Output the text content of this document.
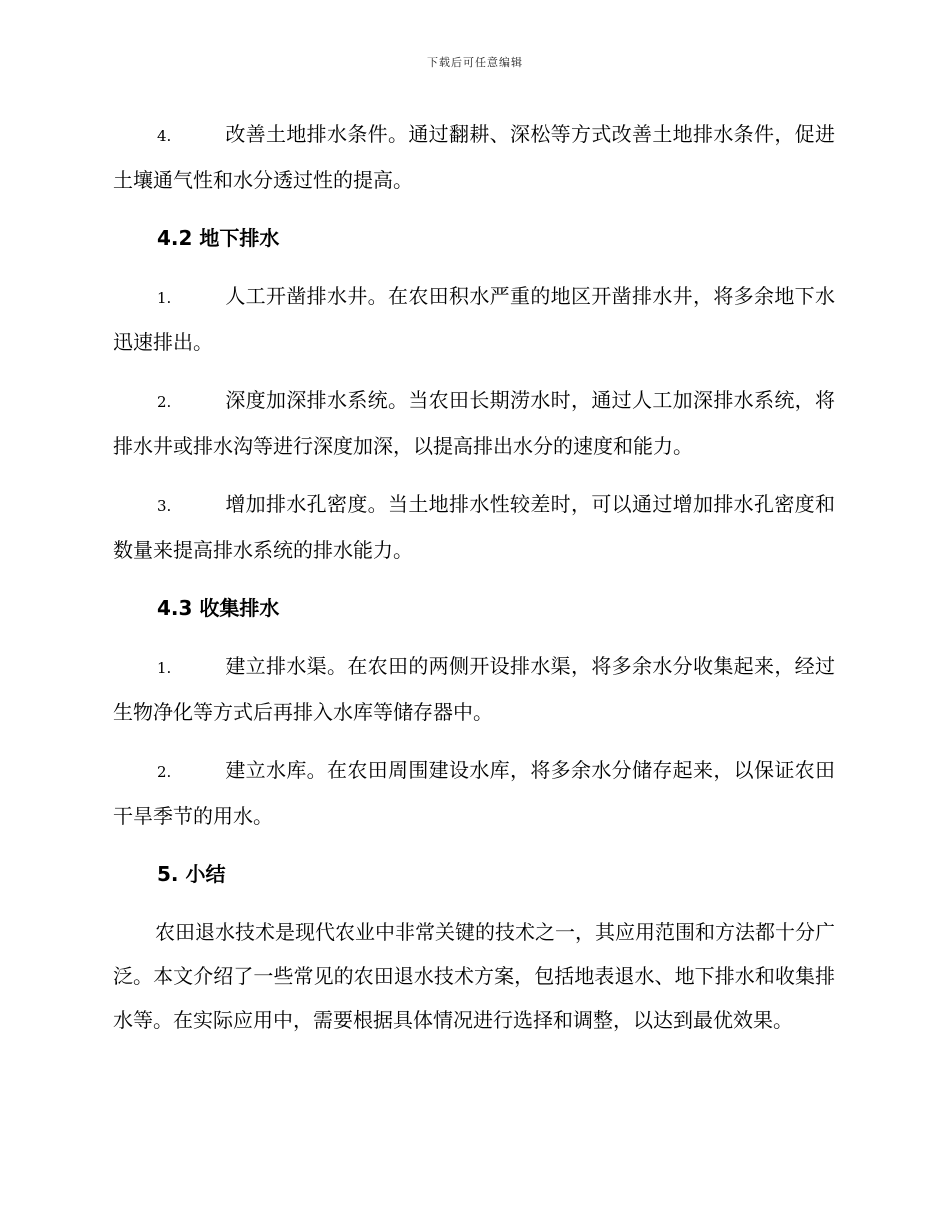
下载后可任意编辑

4.	改善土地排水条件。通过翻耕、深松等方式改善土地排水条件，促进土壤通气性和水分透过性的提高。

4.2 地下排水

1.	人工开凿排水井。在农田积水严重的地区开凿排水井，将多余地下水迅速排出。

2.	深度加深排水系统。当农田长期涝水时，通过人工加深排水系统，将排水井或排水沟等进行深度加深，以提高排出水分的速度和能力。

3.	增加排水孔密度。当土地排水性较差时，可以通过增加排水孔密度和数量来提高排水系统的排水能力。

4.3 收集排水

1.	建立排水渠。在农田的两侧开设排水渠，将多余水分收集起来，经过生物净化等方式后再排入水库等储存器中。

2.	建立水库。在农田周围建设水库，将多余水分储存起来，以保证农田干旱季节的用水。

5. 小结

农田退水技术是现代农业中非常关键的技术之一，其应用范围和方法都十分广泛。本文介绍了一些常见的农田退水技术方案，包括地表退水、地下排水和收集排水等。在实际应用中，需要根据具体情况进行选择和调整，以达到最优效果。
